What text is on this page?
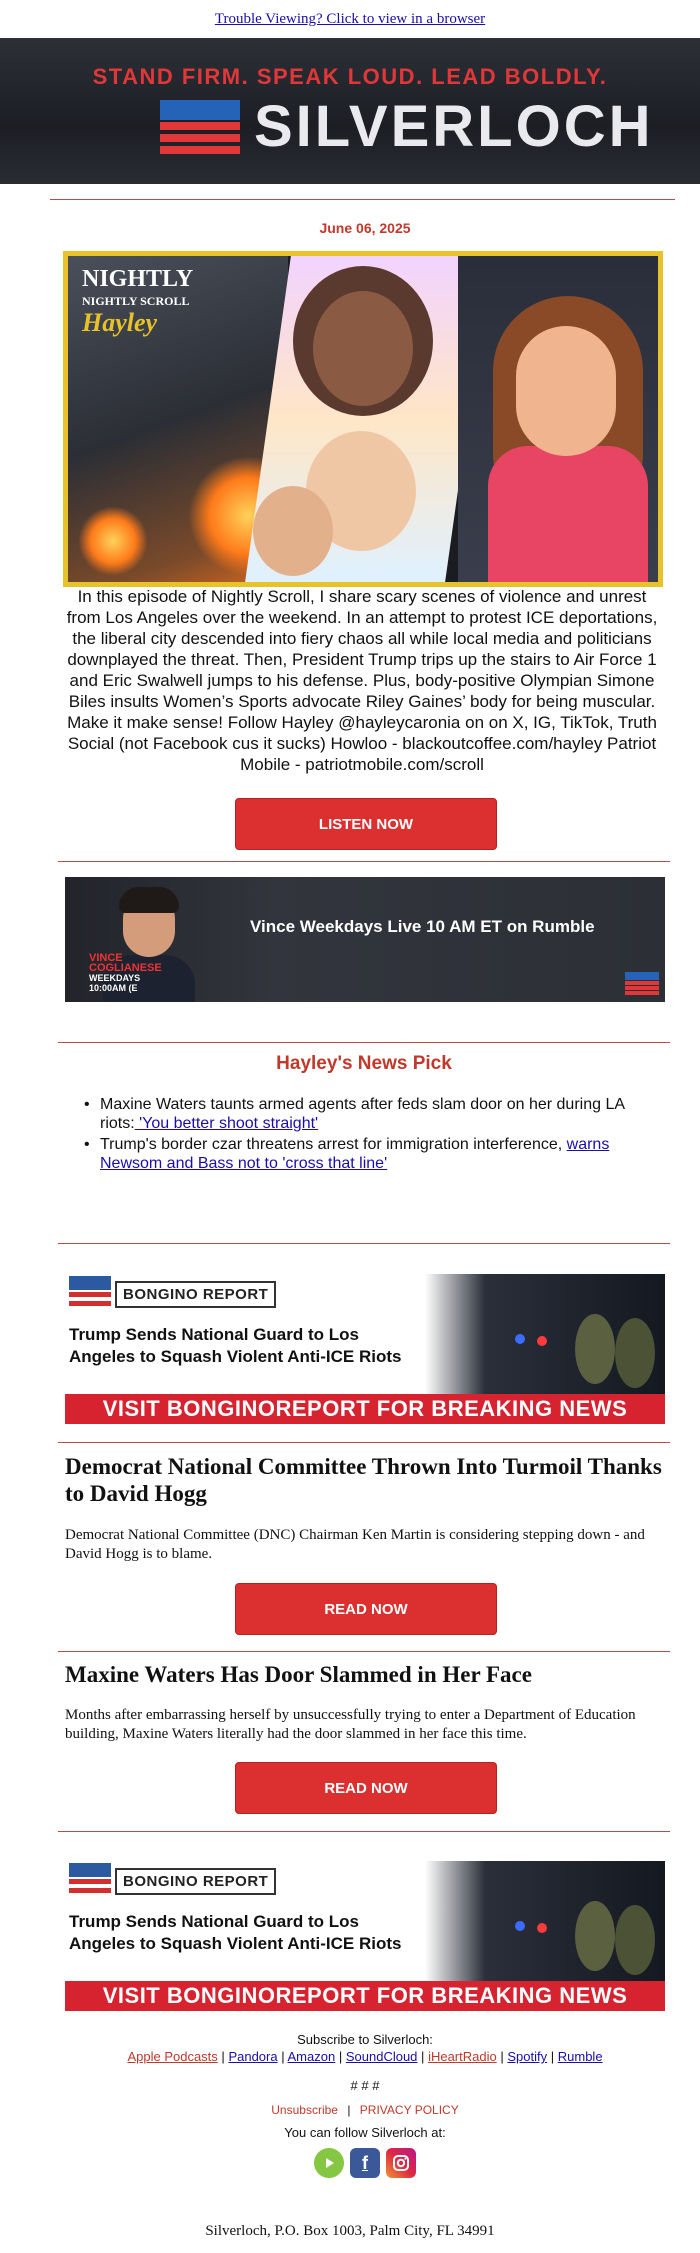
Trouble Viewing? Click to view in a browser
STAND FIRM. SPEAK LOUD. LEAD BOLDLY.
SILVERLOCH
June 06, 2025
NIGHTLY
NIGHTLY SCROLL
Hayley
In this episode of Nightly Scroll, I share scary scenes of violence and unrest from Los Angeles over the weekend. In an attempt to protest ICE deportations, the liberal city descended into fiery chaos all while local media and politicians downplayed the threat. Then, President Trump trips up the stairs to Air Force 1 and Eric Swalwell jumps to his defense. Plus, body-positive Olympian Simone Biles insults Women’s Sports advocate Riley Gaines’ body for being muscular. Make it make sense! Follow Hayley @hayleycaronia on on X, IG, TikTok, Truth Social (not Facebook cus it sucks) Howloo - blackoutcoffee.com/hayley Patriot Mobile - patriotmobile.com/scroll
LISTEN NOW
VINCE
COGLIANESE
WEEKDAYS
10:00AM (E
Vince Weekdays Live 10 AM ET on Rumble
Hayley's News Pick
• Maxine Waters taunts armed agents after feds slam door on her during LA riots: 'You better shoot straight'
• Trump's border czar threatens arrest for immigration interference, warns Newsom and Bass not to 'cross that line'
BONGINO REPORT
Trump Sends National Guard to Los Angeles to Squash Violent Anti-ICE Riots
VISIT BONGINOREPORT FOR BREAKING NEWS
Democrat National Committee Thrown Into Turmoil Thanks to David Hogg
Democrat National Committee (DNC) Chairman Ken Martin is considering stepping down - and David Hogg is to blame.
READ NOW
Maxine Waters Has Door Slammed in Her Face
Months after embarrassing herself by unsuccessfully trying to enter a Department of Education building, Maxine Waters literally had the door slammed in her face this time.
READ NOW
BONGINO REPORT
Trump Sends National Guard to Los Angeles to Squash Violent Anti-ICE Riots
VISIT BONGINOREPORT FOR BREAKING NEWS
Subscribe to Silverloch:
Apple Podcasts | Pandora | Amazon | SoundCloud | iHeartRadio | Spotify | Rumble
# # #
Unsubscribe | PRIVACY POLICY
You can follow Silverloch at:
f
Silverloch, P.O. Box 1003, Palm City, FL 34991
